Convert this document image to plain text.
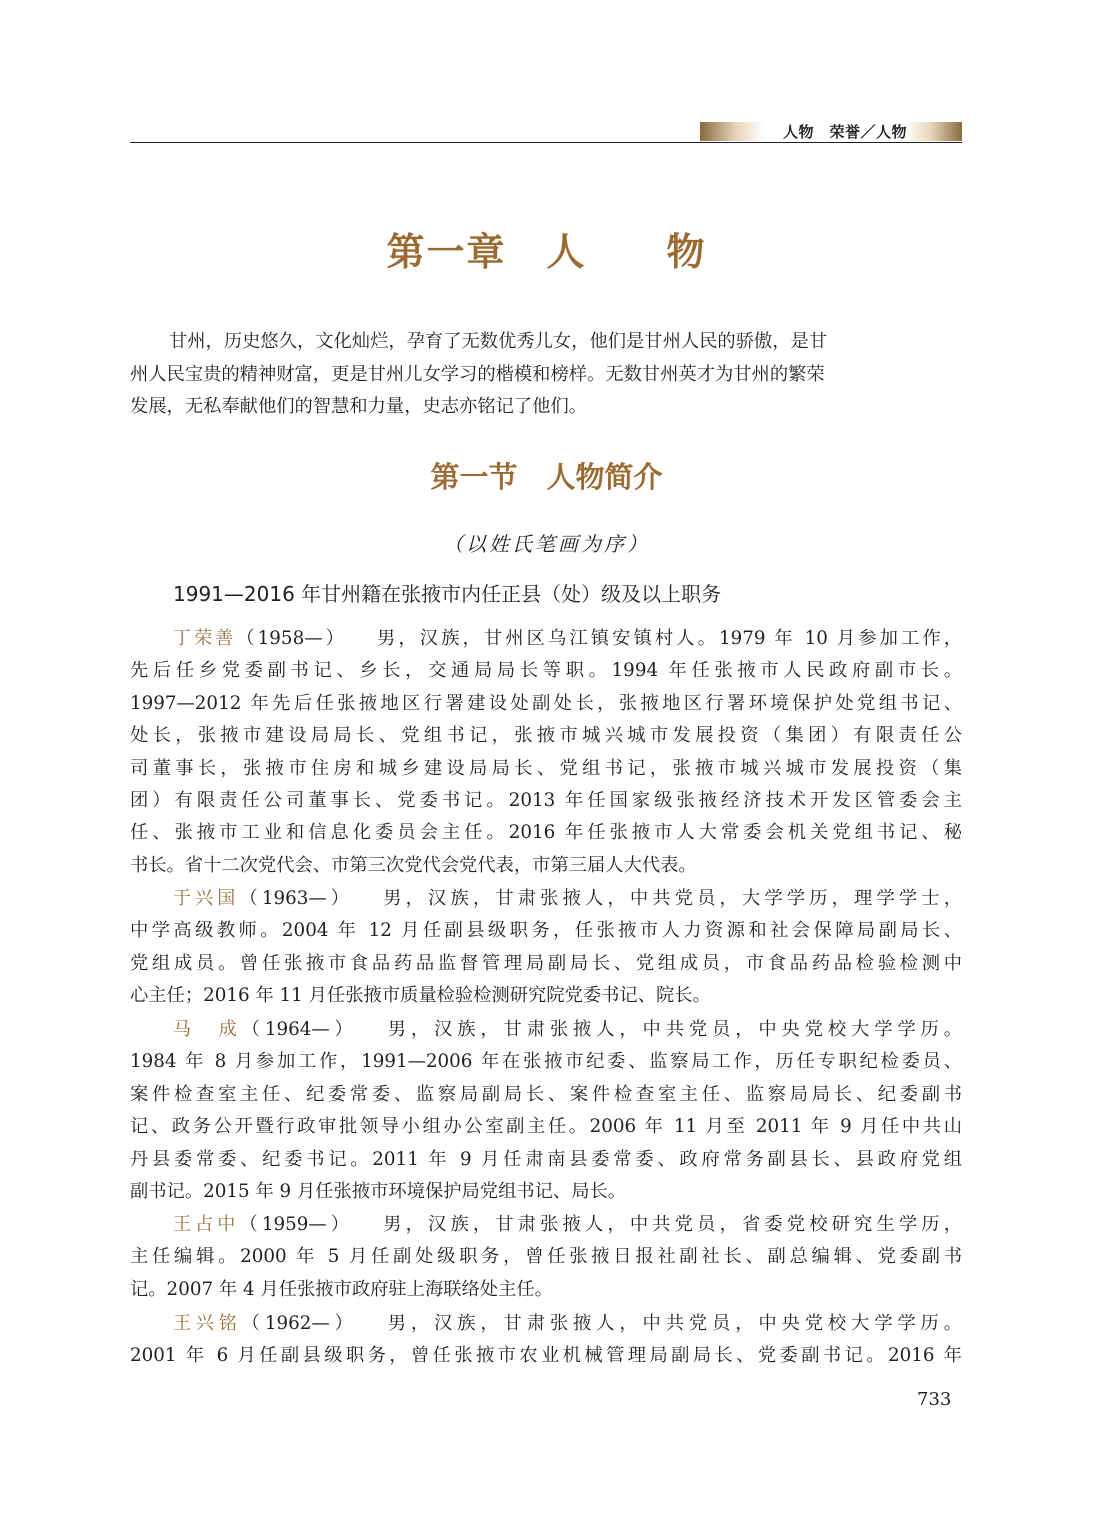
人物　荣誉／人物
第一章　人　　物
甘州，历史悠久，文化灿烂，孕育了无数优秀儿女，他们是甘州人民的骄傲，是甘
州人民宝贵的精神财富，更是甘州儿女学习的楷模和榜样。无数甘州英才为甘州的繁荣
发展，无私奉献他们的智慧和力量，史志亦铭记了他们。
第一节　人物简介
（以姓氏笔画为序）
1991—2016 年甘州籍在张掖市内任正县（处）级及以上职务
丁荣善（1958—） 男，汉族，甘州区乌江镇安镇村人。1979 年 10 月参加工作，
先后任乡党委副书记、乡长，交通局局长等职。1994 年任张掖市人民政府副市长。
1997—2012 年先后任张掖地区行署建设处副处长，张掖地区行署环境保护处党组书记、
处长，张掖市建设局局长、党组书记，张掖市城兴城市发展投资（集团）有限责任公
司董事长，张掖市住房和城乡建设局局长、党组书记，张掖市城兴城市发展投资（集
团）有限责任公司董事长、党委书记。2013 年任国家级张掖经济技术开发区管委会主
任、张掖市工业和信息化委员会主任。2016 年任张掖市人大常委会机关党组书记、秘
书长。省十二次党代会、市第三次党代会党代表，市第三届人大代表。
于兴国（1963—） 男，汉族，甘肃张掖人，中共党员，大学学历，理学学士，
中学高级教师。2004 年 12 月任副县级职务，任张掖市人力资源和社会保障局副局长、
党组成员。曾任张掖市食品药品监督管理局副局长、党组成员，市食品药品检验检测中
心主任；2016 年 11 月任张掖市质量检验检测研究院党委书记、院长。
马　成（1964—） 男，汉族，甘肃张掖人，中共党员，中央党校大学学历。
1984 年 8 月参加工作，1991—2006 年在张掖市纪委、监察局工作，历任专职纪检委员、
案件检查室主任、纪委常委、监察局副局长、案件检查室主任、监察局局长、纪委副书
记、政务公开暨行政审批领导小组办公室副主任。2006 年 11 月至 2011 年 9 月任中共山
丹县委常委、纪委书记。2011 年 9 月任肃南县委常委、政府常务副县长、县政府党组
副书记。2015 年 9 月任张掖市环境保护局党组书记、局长。
王占中（1959—） 男，汉族，甘肃张掖人，中共党员，省委党校研究生学历，
主任编辑。2000 年 5 月任副处级职务，曾任张掖日报社副社长、副总编辑、党委副书
记。2007 年 4 月任张掖市政府驻上海联络处主任。
王兴铭（1962—） 男，汉族，甘肃张掖人，中共党员，中央党校大学学历。
2001 年 6 月任副县级职务，曾任张掖市农业机械管理局副局长、党委副书记。2016 年
733
